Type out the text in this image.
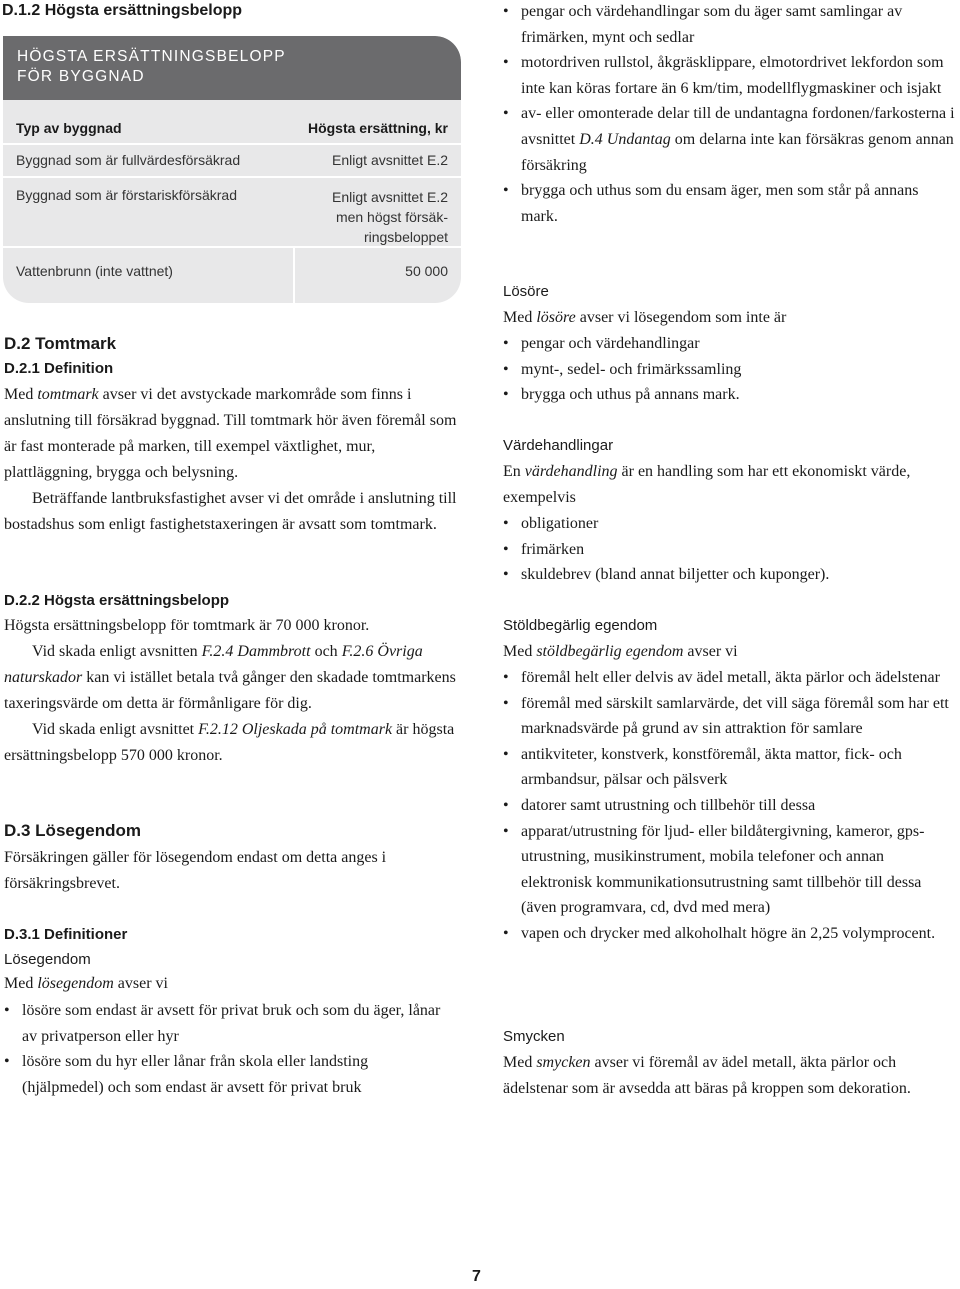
D.1.2 Högsta ersättningsbelopp
HÖGSTA ERSÄTTNINGSBELOPP FÖR BYGGNAD
Typ av byggnad	Högsta ersättning, kr
Byggnad som är fullvärdesförsäkrad	Enligt avsnittet E.2
Byggnad som är förstariskförsäkrad	Enligt avsnittet E.2
men högst försäk-
ringsbeloppet
Vattenbrunn (inte vattnet)	50 000
D.2 Tomtmark
D.2.1 Definition

Med tomtmark avser vi det avstyckade markområde som finns i anslutning till försäkrad byggnad. Till tomtmark hör även föremål som är fast monterade på marken, till exempel växtlighet, mur, plattläggning, brygga och belysning.

Beträffande lantbruksfastighet avser vi det område i anslutning till bostadshus som enligt fastighetstaxeringen är avsatt som tomtmark.

D.2.2 Högsta ersättningsbelopp

Högsta ersättningsbelopp för tomtmark är 70 000 kronor.

Vid skada enligt avsnitten F.2.4 Dammbrott och F.2.6 Övriga naturskador kan vi istället betala två gånger den skadade tomtmarkens taxeringsvärde om detta är förmånligare för dig.

Vid skada enligt avsnittet F.2.12 Oljeskada på tomtmark är högsta ersättningsbelopp 570 000 kronor.

D.3 Lösegendom
Försäkringen gäller för lösegendom endast om detta anges i försäkringsbrevet.
D.3.1 Definitioner
Lösegendom
Med lösegendom avser vi
• lösöre som endast är avsett för privat bruk och som du äger, lånar av privatperson eller hyr
• lösöre som du hyr eller lånar från skola eller landsting (hjälpmedel) och som endast är avsett för privat bruk
• pengar och värdehandlingar som du äger samt samlingar av frimärken, mynt och sedlar
• motordriven rullstol, åkgräsklippare, elmotordrivet lekfordon som inte kan köras fortare än 6 km/tim, modellflygmaskiner och isjakt
• av- eller omonterade delar till de undantagna fordonen/farkosterna i avsnittet D.4 Undantag om delarna inte kan försäkras genom annan försäkring
• brygga och uthus som du ensam äger, men som står på annans mark.
Lösöre
Med lösöre avser vi lösegendom som inte är
• pengar och värdehandlingar
• mynt-, sedel- och frimärkssamling
• brygga och uthus på annans mark.
Värdehandlingar
En värdehandling är en handling som har ett ekonomiskt värde, exempelvis
• obligationer
• frimärken
• skuldebrev (bland annat biljetter och kuponger).
Stöldbegärlig egendom
Med stöldbegärlig egendom avser vi
• föremål helt eller delvis av ädel metall, äkta pärlor och ädelstenar
• föremål med särskilt samlarvärde, det vill säga föremål som har ett marknadsvärde på grund av sin attraktion för samlare
• antikviteter, konstverk, konstföremål, äkta mattor, fick- och armbandsur, pälsar och pälsverk
• datorer samt utrustning och tillbehör till dessa
• apparat/utrustning för ljud- eller bildåtergivning, kameror, gps-utrustning, musikinstrument, mobila telefoner och annan elektronisk kommunikationsutrustning samt tillbehör till dessa (även programvara, cd, dvd med mera)
• vapen och drycker med alkoholhalt högre än 2,25 volymprocent.
Smycken
Med smycken avser vi föremål av ädel metall, äkta pärlor och ädelstenar som är avsedda att bäras på kroppen som dekoration.
7
